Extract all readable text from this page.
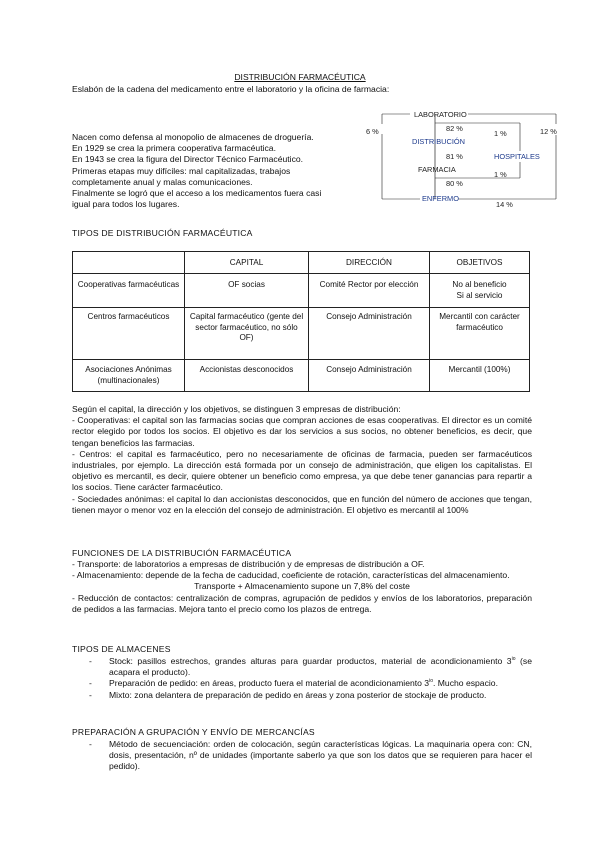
DISTRIBUCIÓN FARMACÉUTICA
Eslabón de la cadena del medicamento entre el laboratorio y la oficina de farmacia:
Nacen como defensa al monopolio de almacenes de droguería.
En 1929 se crea la primera cooperativa farmacéutica.
En 1943 se crea la figura del Director Técnico Farmacéutico.
Primeras etapas muy difíciles: mal capitalizadas, trabajos
completamente anual y malas comunicaciones.
Finalmente se logró que el acceso a los medicamentos fuera casi
igual para todos los lugares.
LABORATORIO
82 %
DISTRIBUCIÓN
81 %	HOSPITALES
FARMACIA
80 %
ENFERMO
6 %	1 %	12 %
1 %
14 %
TIPOS DE DISTRIBUCIÓN FARMACÉUTICA
	CAPITAL	DIRECCIÓN	OBJETIVOS
Cooperativas farmacéuticas	OF socias	Comité Rector por elección	No al beneficio
Si al servicio
Centros farmacéuticos	Capital farmacéutico (gente del sector farmacéutico, no sólo OF)	Consejo Administración	Mercantil con carácter farmacéutico
Asociaciones Anónimas (multinacionales)	Accionistas desconocidos	Consejo Administración	Mercantil (100%)
Según el capital, la dirección y los objetivos, se distinguen 3 empresas de distribución:
- Cooperativas: el capital son las farmacias socias que compran acciones de esas cooperativas. El director es un comité rector elegido por todos los socios. El objetivo es dar los servicios a sus socios, no obtener beneficios, es decir, que tengan beneficios las farmacias.
- Centros: el capital es farmacéutico, pero no necesariamente de oficinas de farmacia, pueden ser farmacéuticos industriales, por ejemplo. La dirección está formada por un consejo de administración, que eligen los capitalistas. El objetivo es mercantil, es decir, quiere obtener un beneficio como empresa, ya que debe tener ganancias para repartir a los socios. Tiene carácter farmacéutico.
- Sociedades anónimas: el capital lo dan accionistas desconocidos, que en función del número de acciones que tengan, tienen mayor o menor voz en la elección del consejo de administración. El objetivo es mercantil al 100%
FUNCIONES DE LA DISTRIBUCIÓN FARMACÉUTICA
- Transporte: de laboratorios a empresas de distribución y de empresas de distribución a OF.
- Almacenamiento: depende de la fecha de caducidad, coeficiente de rotación, características del almacenamiento.
Transporte + Almacenamiento supone un 7,8% del coste
- Reducción de contactos: centralización de compras, agrupación de pedidos y envíos de los laboratorios, preparación de pedidos a las farmacias. Mejora tanto el precio como los plazos de entrega.
TIPOS DE ALMACENES
- Stock: pasillos estrechos, grandes alturas para guardar productos, material de acondicionamiento $3^{io}$ (se acapara el producto).
- Preparación de pedido: en áreas, producto fuera el material de acondicionamiento $3^{io}$. Mucho espacio.
- Mixto: zona delantera de preparación de pedido en áreas y zona posterior de stockaje de producto.
PREPARACIÓN A GRUPACIÓN Y ENVÍO DE MERCANCÍAS
- Método de secuenciación: orden de colocación, según características lógicas. La maquinaria opera con: CN, dosis, presentación, nº de unidades (importante saberlo ya que son los datos que se requieren para hacer el pedido).
